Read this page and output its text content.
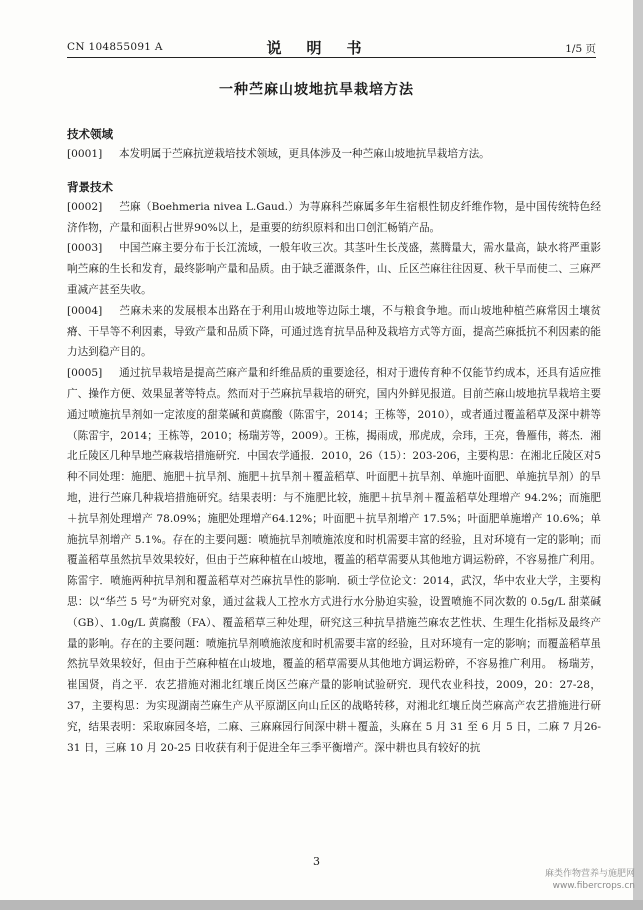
CN 104855091 A	说　明　书	1/5 页
一种苎麻山坡地抗旱栽培方法

技术领域

[0001] 本发明属于苎麻抗逆栽培技术领域，更具体涉及一种苎麻山坡地抗旱栽培方法。

背景技术

[0002] 苎麻（Boehmeria nivea L.Gaud.）为荨麻科苎麻属多年生宿根性韧皮纤维作物，是中国传统特色经济作物，产量和面积占世界90%以上，是重要的纺织原料和出口创汇畅销产品。

[0003] 中国苎麻主要分布于长江流域，一般年收三次。其茎叶生长茂盛，蒸腾量大，需水量高，缺水将严重影响苎麻的生长和发育，最终影响产量和品质。由于缺乏灌溉条件，山、丘区苎麻往往因夏、秋干旱而使二、三麻严重减产甚至失收。

[0004] 苎麻未来的发展根本出路在于利用山坡地等边际土壤，不与粮食争地。而山坡地种植苎麻常因土壤贫瘠、干旱等不利因素，导致产量和品质下降，可通过选育抗旱品种及栽培方式等方面，提高苎麻抵抗不利因素的能力达到稳产目的。

[0005] 通过抗旱栽培是提高苎麻产量和纤维品质的重要途径，相对于遗传育种不仅能节约成本，还具有适应推广、操作方便、效果显著等特点。然而对于苎麻抗旱栽培的研究，国内外鲜见报道。目前苎麻山坡地抗旱栽培主要通过喷施抗旱剂如一定浓度的甜菜碱和黄腐酸（陈雷宇，2014；王栋等，2010），或者通过覆盖稻草及深中耕等（陈雷宇，2014；王栋等，2010；杨瑞芳等，2009）。王栋，揭雨成，邢虎成，佘玮，王亮，鲁雁伟，蒋杰．湘北丘陵区几种旱地苎麻栽培措施研究．中国农学通报．2010，26（15）：203-206，主要构思：在湘北丘陵区对5种不同处理：施肥、施肥＋抗旱剂、施肥＋抗旱剂＋覆盖稻草、叶面肥＋抗旱剂、单施叶面肥、单施抗旱剂）的旱地，进行苎麻几种栽培措施研究。结果表明：与不施肥比较，施肥＋抗旱剂＋覆盖稻草处理增产 94.2%；而施肥＋抗旱剂处理增产 78.09%；施肥处理增产64.12%；叶面肥＋抗旱剂增产 17.5%；叶面肥单施增产 10.6%；单施抗旱剂增产 5.1%。存在的主要问题：喷施抗旱剂喷施浓度和时机需要丰富的经验，且对环境有一定的影响；而覆盖稻草虽然抗旱效果较好，但由于苎麻种植在山坡地，覆盖的稻草需要从其他地方调运粉碎，不容易推广利用。陈雷宇．喷施两种抗旱剂和覆盖稻草对苎麻抗旱性的影响．硕士学位论文：2014，武汉，华中农业大学，主要构思：以“华苎 5 号”为研究对象，通过盆栽人工控水方式进行水分胁迫实验，设置喷施不同次数的 0.5g/L 甜菜碱（GB）、1.0g/L 黄腐酸（FA）、覆盖稻草三种处理，研究这三种抗旱措施苎麻农艺性状、生理生化指标及最终产量的影响。存在的主要问题：喷施抗旱剂喷施浓度和时机需要丰富的经验，且对环境有一定的影响；而覆盖稻草虽然抗旱效果较好，但由于苎麻种植在山坡地，覆盖的稻草需要从其他地方调运粉碎，不容易推广利用。　杨瑞芳，崔国贤，肖之平．农艺措施对湘北红壤丘岗区苎麻产量的影响试验研究．现代农业科技，2009，20：27-28，37，主要构思：为实现湖南苎麻生产从平原湖区向山丘区的战略转移，对湘北红壤丘岗苎麻高产农艺措施进行研究，结果表明：采取麻园冬培，二麻、三麻麻园行间深中耕＋覆盖，头麻在 5 月 31 至 6 月 5 日，二麻 7 月26-31 日，三麻 10 月 20-25 日收获有利于促进全年三季平衡增产。深中耕也具有较好的抗

3
麻类作物营养与施肥网
www.fibercrops.cn
